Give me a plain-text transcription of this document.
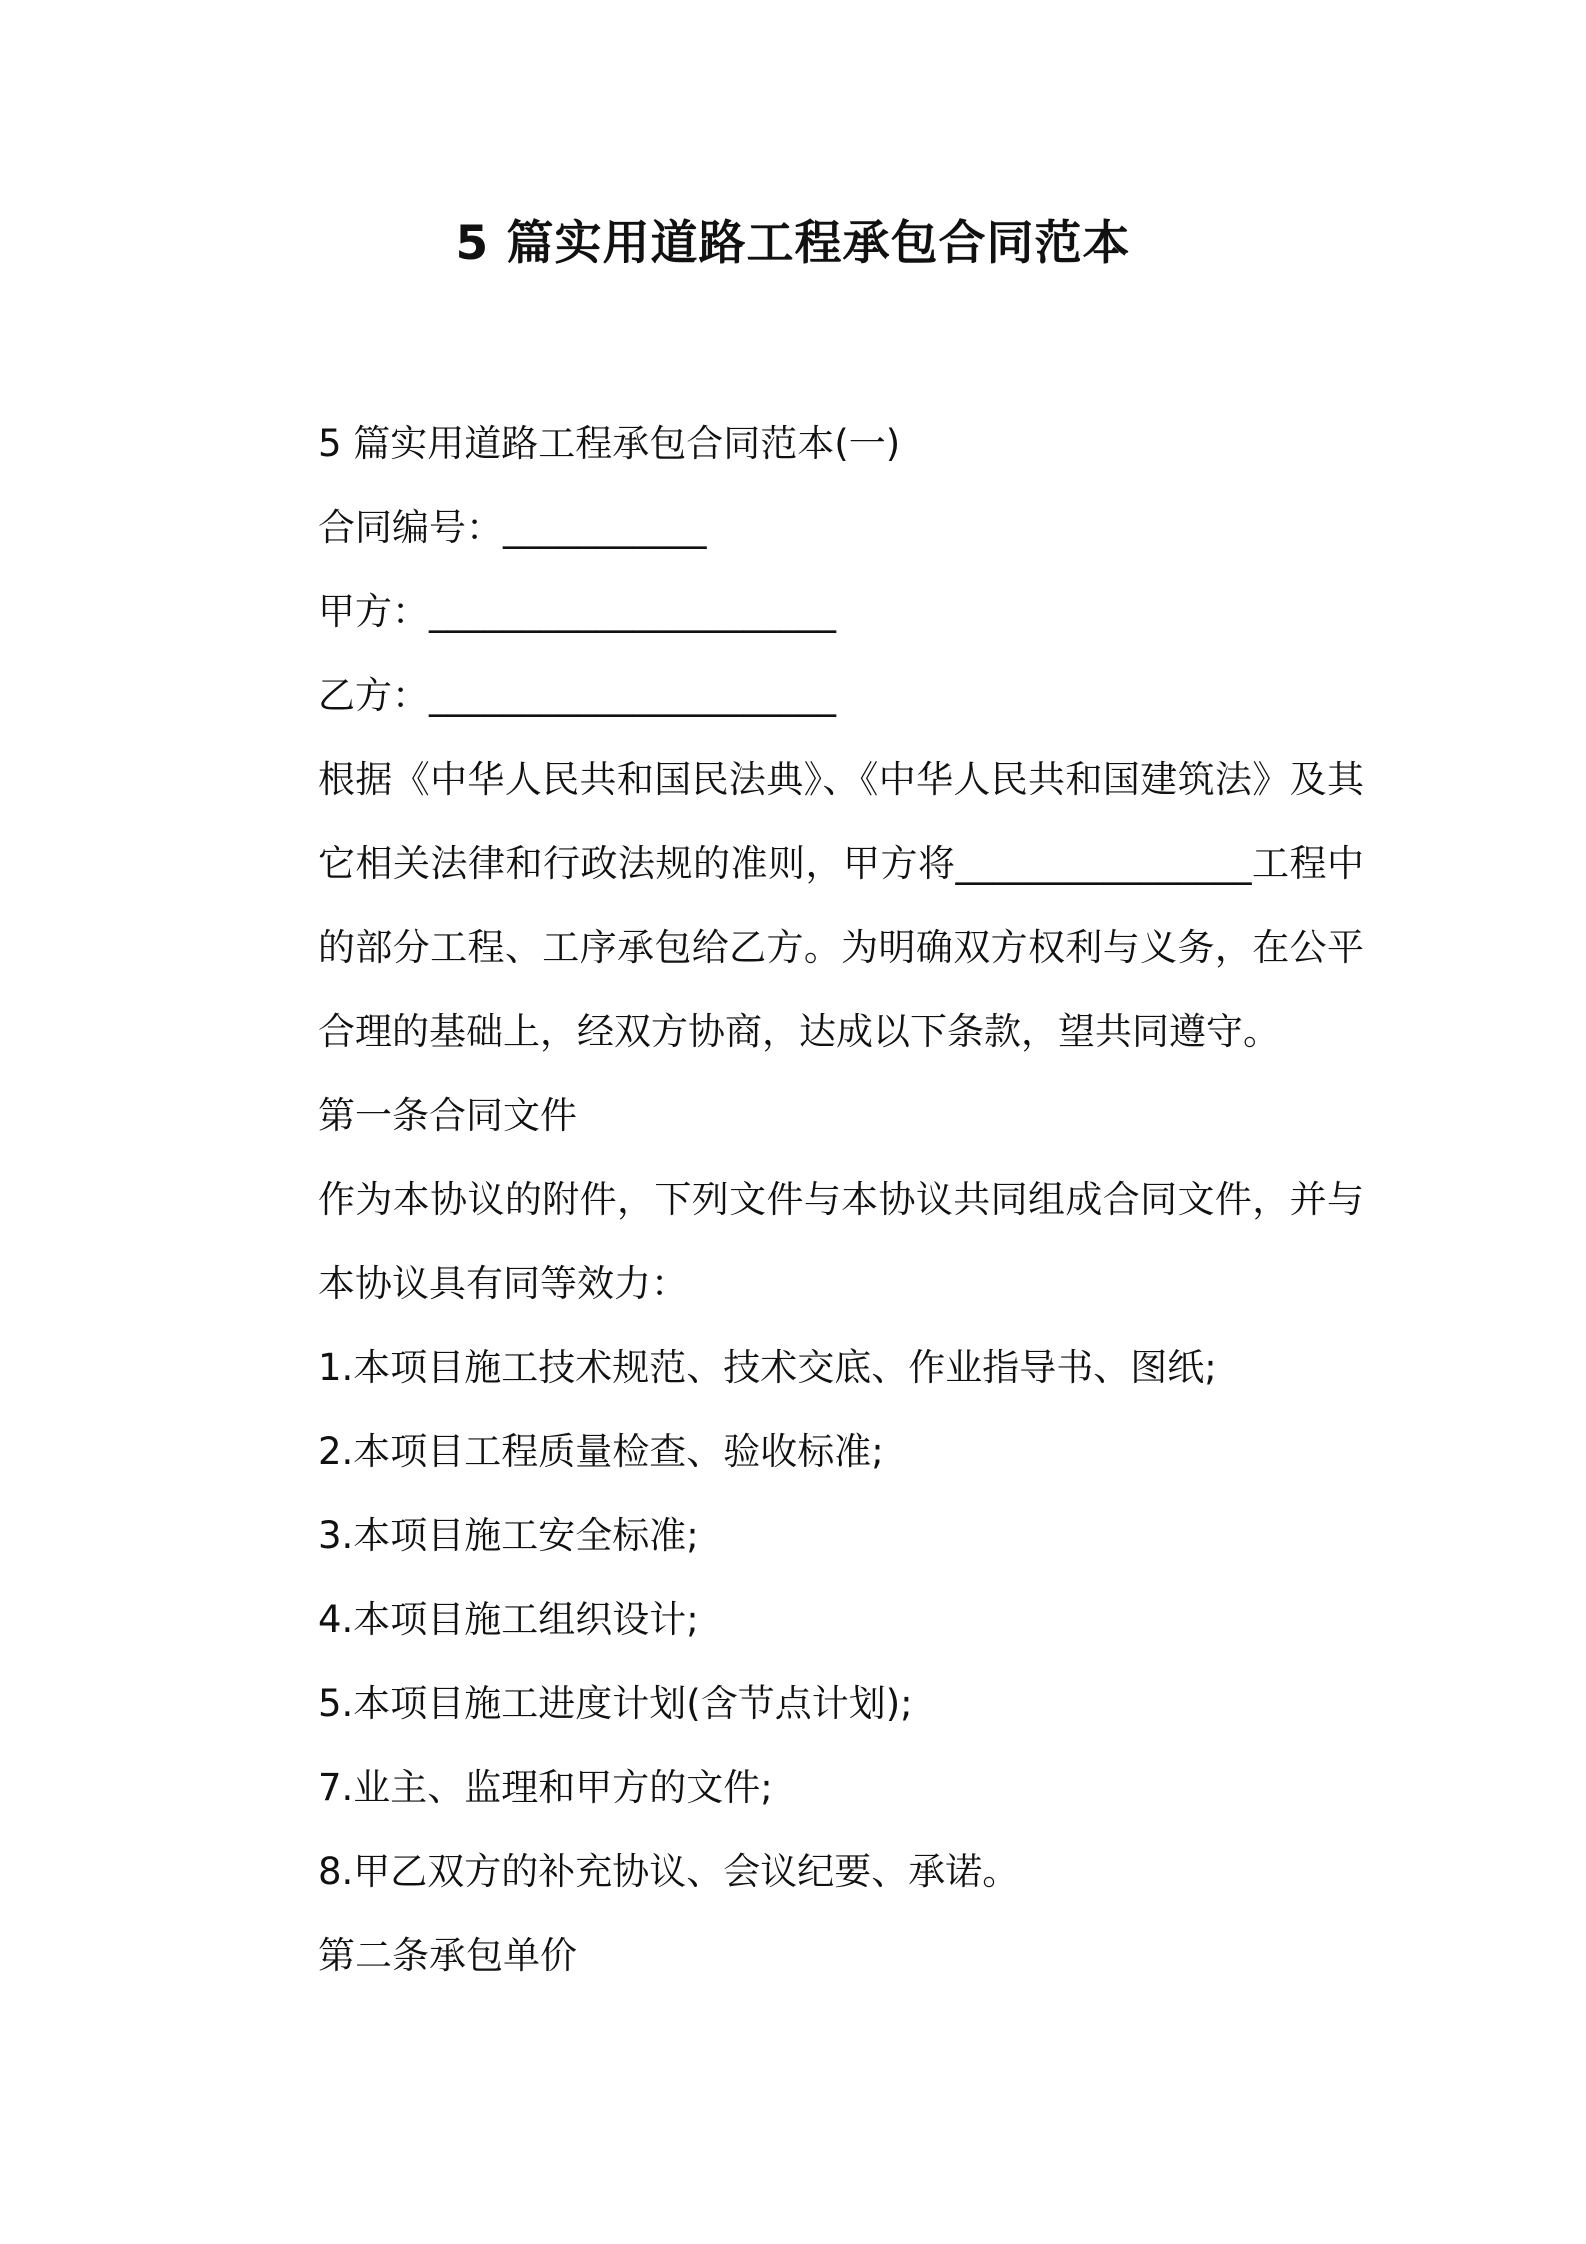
5 篇实用道路工程承包合同范本

5 篇实用道路工程承包合同范本(一)

合同编号：___________

甲方：______________________

乙方：______________________

根据《中华人民共和国民法典》、《中华人民共和国建筑法》及其它相关法律和行政法规的准则，甲方将________________工程中的部分工程、工序承包给乙方。为明确双方权利与义务，在公平合理的基础上，经双方协商，达成以下条款，望共同遵守。

第一条合同文件

作为本协议的附件，下列文件与本协议共同组成合同文件，并与本协议具有同等效力：

1.本项目施工技术规范、技术交底、作业指导书、图纸;

2.本项目工程质量检查、验收标准;

3.本项目施工安全标准;

4.本项目施工组织设计;

5.本项目施工进度计划(含节点计划);

7.业主、监理和甲方的文件;

8.甲乙双方的补充协议、会议纪要、承诺。

第二条承包单价
